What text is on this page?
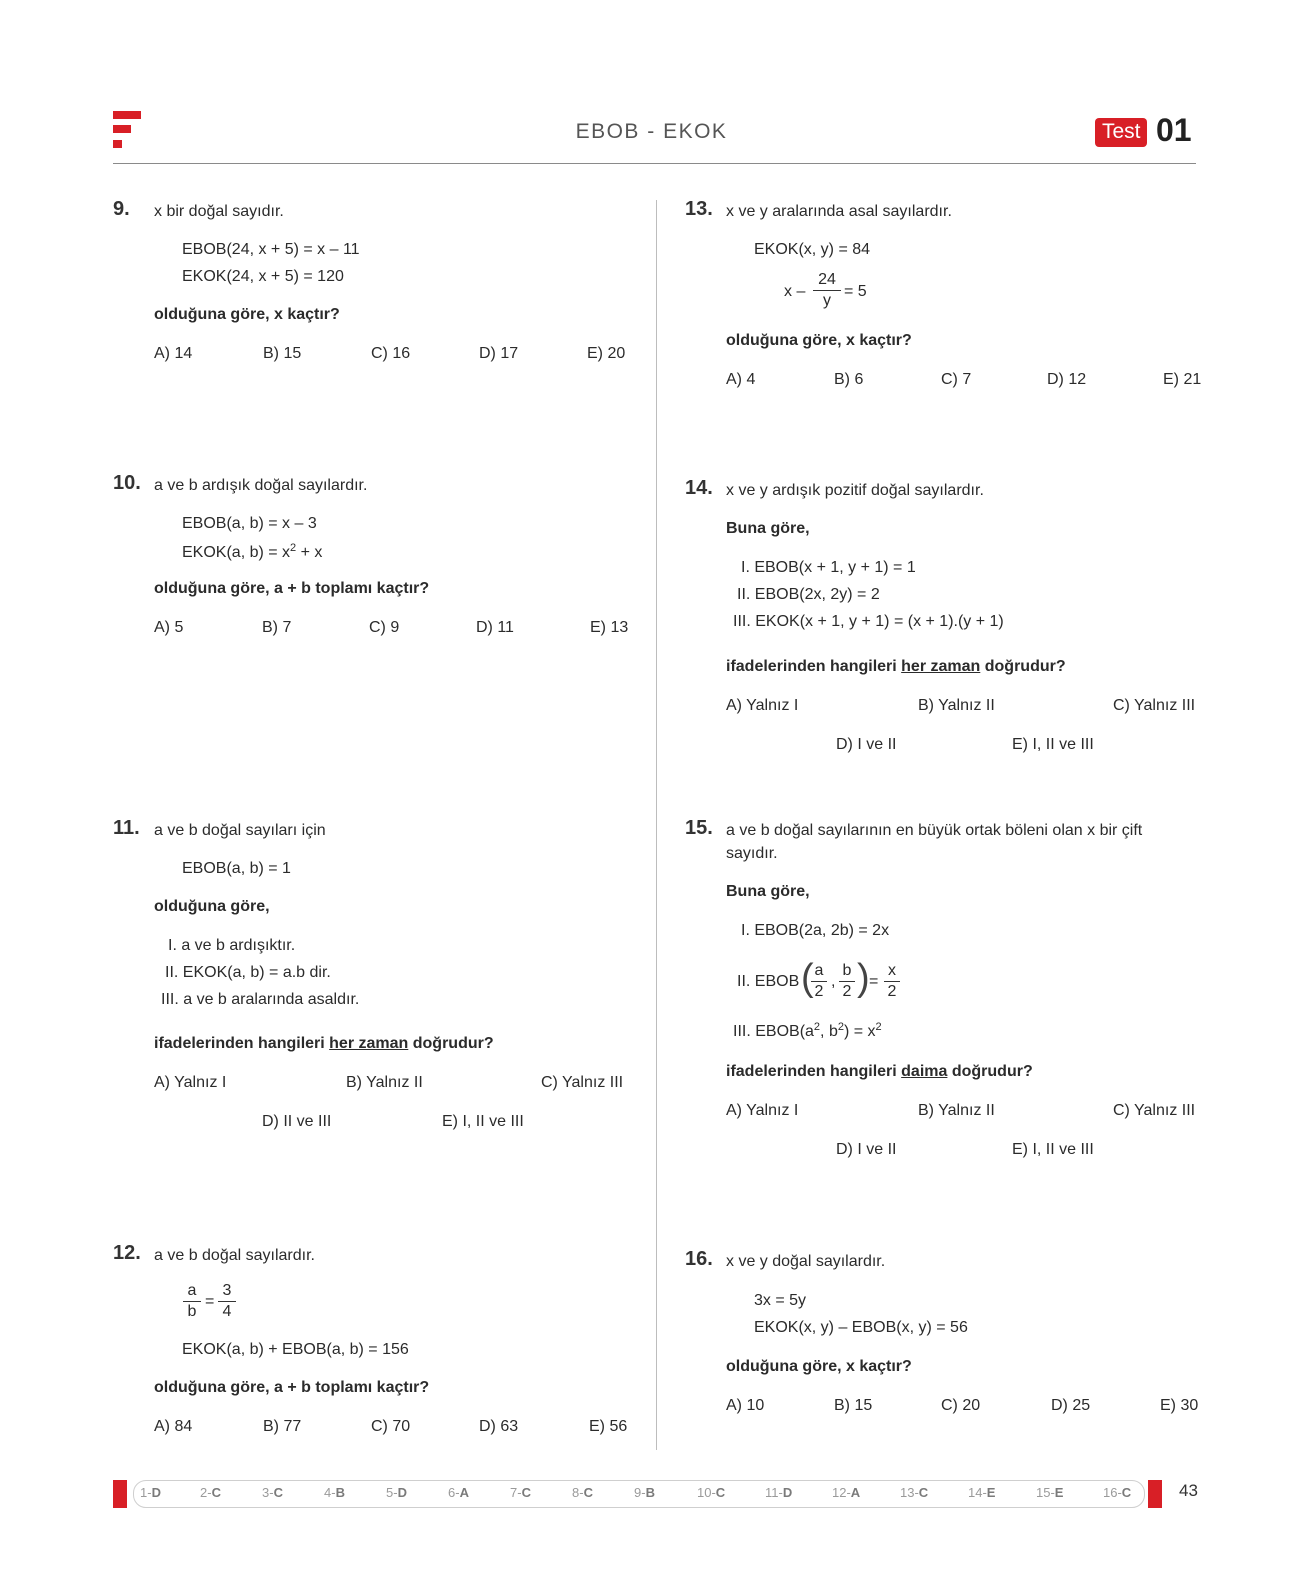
EBOB - EKOK	Test 01
9. x bir doğal sayıdır.
EBOB(24, x + 5) = x – 11
EKOK(24, x + 5) = 120
olduğuna göre, x kaçtır?
A) 14	B) 15	C) 16	D) 17	E) 20
10. a ve b ardışık doğal sayılardır.
EBOB(a, b) = x – 3
EKOK(a, $b) = x^2 + x$
olduğuna göre, a + b toplamı kaçtır?
A) 5	B) 7	C) 9	D) 11	E) 13
11. a ve b doğal sayıları için
EBOB(a, b) = 1
olduğuna göre,
I. a ve b ardışıktır.
II. EKOK(a, b) = a.b dir.
III. a ve b aralarında asaldır.
ifadelerinden hangileri her zaman doğrudur?
A) Yalnız I	B) Yalnız II	C) Yalnız III
D) II ve III	E) I, II ve III
12. a ve b doğal sayılardır.
$\frac{a}{b} = \frac{3}{4}$
EKOK(a, b) + EBOB(a, b) = 156
olduğuna göre, a + b toplamı kaçtır?
A) 84	B) 77	C) 70	D) 63	E) 56
13. x ve y aralarında asal sayılardır.
EKOK(x, y) = 84
$x - \frac{24}{y} = 5$
olduğuna göre, x kaçtır?
A) 4	B) 6	C) 7	D) 12	E) 21
14. x ve y ardışık pozitif doğal sayılardır.
Buna göre,
I. EBOB(x + 1, y + 1) = 1
II. EBOB(2x, 2y) = 2
III. EKOK(x + 1, y + 1) = (x + 1).(y + 1)
ifadelerinden hangileri her zaman doğrudur?
A) Yalnız I	B) Yalnız II	C) Yalnız III
D) I ve II	E) I, II ve III
15. a ve b doğal sayılarının en büyük ortak böleni olan x bir çift
sayıdır.
Buna göre,
I. EBOB(2a, 2b) = 2x
II. EBOB (
$\frac{a}{2}$ , $\frac{b}{2}$ ) = $\frac{x}{2}$
III. $EBOB(a^2$, $b^2) = x^2$
ifadelerinden hangileri daima doğrudur?
A) Yalnız I	B) Yalnız II	C) Yalnız III
D) I ve II	E) I, II ve III
16. x ve y doğal sayılardır.
3x = 5y
EKOK(x, y) – EBOB(x, y) = 56
olduğuna göre, x kaçtır?
A) 10	B) 15	C) 20	D) 25	E) 30
1-D	2-C	3-C	4-B	5-D	6-A	7-C	8-C	9-B	10-C	11-D	12-A	13-C	14-E	15-E	16-C	43
